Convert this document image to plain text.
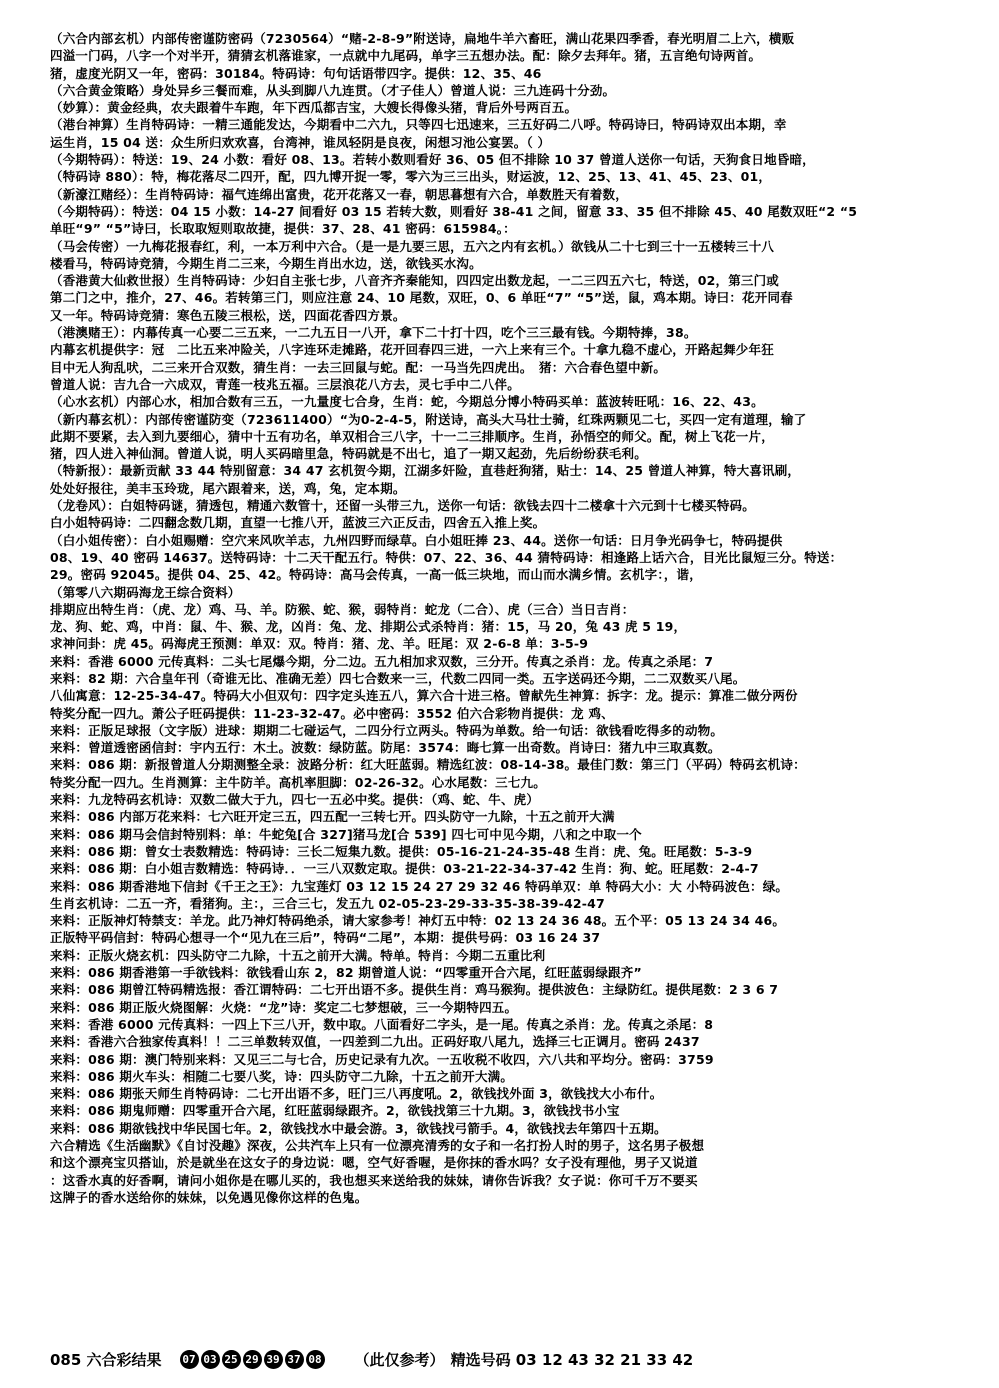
（六合内部玄机）内部传密谨防密码（7230564）“赌-2-8-9”附送诗，扁地牛羊六畜旺，满山花果四季香，春光明眉二上六，横贩
四溢一门码，八字一个对半开，猜猜玄机落谁家，一点就中九尾码，单字三五想办法。配：除夕去拜年。猪，五言绝句诗两首。
猪，虚度光阴又一年，密码：30184。特码诗：句句话语带四字。提供：12、35、46
（六合黄金策略）身处异乡三餐而难，从头到脚八九连贯。（才子佳人）曾道人说：三九连码十分劲。
（妙算）：黄金经典，农夫跟着牛车跑，年下西瓜都吉宝，大嫂长得像头猪，背后外号两百五。
（港台神算）生肖特码诗：一精三通能发达，今期看中二六九，只等四七迅速来，三五好码二八呼。特码诗曰，特码诗双出本期，幸
运生肖，15 04 送：众生所归欢欢喜，台湾神，谁凤轻阴是良夜，闲想习池公宴罢。（ ）
（今期特码）：特送：19、24 小数：看好 08、13。若转小数则看好 36、05 但不排除 10 37 曾道人送你一句话，天狗食日地昏暗，
（特码诗 880）：特，梅花落尽二四开，配，四九博开捉一零，零六为三三出头，财运波，12、25、13、41、45、23、01，
（新濠江赌经）：生肖特码诗：福气连绵出富贵，花开花落又一春，朝思暮想有六合，单数胜天有着数，
（今期特码）：特送：04 15 小数：14-27 间看好 03 15 若转大数，则看好 38-41 之间，留意 33、35 但不排除 45、40 尾数双旺“2 “5
单旺“9” “5”诗曰，长取取短则取故捷，提供：37、28、41 密码：615984。：
（马会传密）一九梅花报春红，利，一本万利中六合。（是一是九要三思，五六之内有玄机。）欲钱从二十七到三十一五楼转三十八
楼看马，特码诗竞猜，今期生肖二三来，今期生肖出水边，送，欲钱买水沟。
（香港黄大仙救世报）生肖特码诗：少妇自主张七步，八音齐齐秦能知，四四定出数龙起，一二三四五六七，特送，02，第三门或
第二门之中，推介，27、46。若转第三门，则应注意 24、10 尾数，双旺，0、6 单旺“7” “5”送，鼠，鸡本期。诗曰：花开同春
又一年。特码诗竞猜：寒色五陵三根松，送，四面花香四方景。
（港澳赌王）：内幕传真一心要二三五来，一二九五日一八开，拿下二十打十四，吃个三三最有钱。今期特捧，38。
内幕玄机提供字：冠　二比五来冲险关，八字连环走摊路，花开回春四三进，一六上来有三个。十拿九稳不虚心，开路起舞少年狂
目中无人狗乱吠，二三来开合双数，猜生肖：一去三回鼠与蛇。配：一马当先四虎出。　猪：六合春色望中新。
曾道人说：吉九合一六成双，青莲一枝兆五福。三层浪花八方去，灵七手中二八伴。
（心水玄机）内部心水，相加合数有三五，一九量度七合身，生肖：蛇，今期总分博小特码买单：蓝波转旺吼：16、22、43。
（新内幕玄机）：内部传密谨防变（723611400）“为0-2-4-5，附送诗，高头大马壮士骑，红珠两颗见二七，买四一定有道理，输了
此期不要紧，去入到九要细心，猜中十五有功名，单双相合三八字，十一二三排顺序。生肖，孙悟空的师父。配，树上飞花一片，
猪，四人进入神仙洞。曾道人说，明人买码暗里急，特码就是不出七，追了一期又起劲，先后纷纷获毛利。
（特新报）：最新贡献 33 44 特别留意：34 47 玄机贺今期，江湖多奸险，直巷赶狗猪，贴士：14、25 曾道人神算，特大喜讯刷，
处处好报往，美丰玉玲珑，尾六跟着来，送，鸡，兔，定本期。
（龙卷风）：白姐特码谜，猜透包，精通六数管十，还留一头带三九，送你一句话：欲钱去四十二楼拿十六元到十七楼买特码。
白小姐特码诗：二四翻念数几期，直望一七推八开，蓝波三六正反击，四舍五入推上奖。
（白小姐传密）：白小姐赐赠：空穴来风吹羊志，九州四野而绿草。白小姐旺捧 23、44。送你一句话：日月争光码争七，特码提供
08、19、40 密码 14637。送特码诗：十二天干配五行。特供：07、22、36、44 猜特码诗：相逢路上话六合，目光比鼠短三分。特送：
29。密码 92045。提供 04、25、42。特码诗：高马会传真，一高一低三块地，而山而水满乡情。玄机字：，谐，
（第零八六期码海龙王综合资料）
排期应出特生肖：（虎、龙）鸡、马、羊。防猴、蛇、猴，弱特肖：蛇龙（二合）、虎（三合）当日吉肖：
龙、狗、蛇、鸡，中肖：鼠、牛、猴、龙，凶肖：兔、龙、排期公式杀特肖：猪：15，马 20，兔 43 虎 5 19，
求神问卦：虎 45。码海虎王预测：单双：双。特肖：猪、龙、羊。旺尾：双 2-6-8 单：3-5-9
来料：香港 6000 元传真料：二头七尾爆今期，分二边。五九相加求双数，三分开。传真之杀肖：龙。传真之杀尾：7
来料：82 期：六合皇年刊（奇谁无比、准确无差）四七合数来一三，代数二四同一类。五字送码还今期，二二双数买八尾。
八仙寓意：12-25-34-47。特码大小但双句：四字定头连五八，算六合十进三格。曾献先生神算：拆字：龙。提示：算准二做分两份
特奖分配一四九。萧公子旺码提供：11-23-32-47。必中密码：3552 伯六合彩物肖提供：龙 鸡、
来料：正版足球报（文字版）进球：期期二七碰运气，二四分行立两头。特码为单数。给一句话：欲钱看吃得多的动物。
来料：曾道透密函信封：宇内五行：木土。波数：绿防蓝。防尾：3574：晦七算一出奇数。肖诗曰：猪九中三取真数。
来料：086 期：新报曾道人分期测整全录：波路分析：红大旺蓝弱。精选红波：08-14-38。最佳门数：第三门（平码）特码玄机诗：
特奖分配一四九。生肖测算：主牛防羊。高机率胆脚：02-26-32。心水尾数：三七九。
来料：九龙特码玄机诗：双数二做大于九，四七一五必中奖。提供：（鸡、蛇、牛、虎）
来料：086 内部万花来料：七六旺开定三五，四五配一三转七开。四头防守一九除，十五之前开大满
来料：086 期马会信封特别料：单：牛蛇兔[合 327]猪马龙[合 539] 四七可中见今期，八和之中取一个
来料：086 期：曾女士表数精选：特码诗：三长二短集九数。提供：05-16-21-24-35-48 生肖：虎、兔。旺尾数：5-3-9
来料：086 期：白小姐吉数精选：特码诗．．一三八双数定取。提供：03-21-22-34-37-42 生肖：狗、蛇。旺尾数：2-4-7
来料：086 期香港地下信封《千王之王》：九宝莲灯 03 12 15 24 27 29 32 46 特码单双：单 特码大小：大 小特码波色：绿。
生肖玄机诗：二五一齐，看猪狗。主：，三合三七，发五九 02-05-23-29-33-35-38-39-42-47
来料：正版神灯特禁支：羊龙。此乃神灯特码绝杀，请大家参考！神灯五中特：02 13 24 36 48。五个平：05 13 24 34 46。
正版特平码信封：特码心想寻一个“见九在三后”，特码“二尾”，本期：提供号码：03 16 24 37
来料：正版火烧玄机：四头防守二九除，十五之前开大满。特单。特肖：今期二五重比利
来料：086 期香港第一手欲钱料：欲钱看山东 2，82 期曾道人说：“四零重开合六尾，红旺蓝弱绿跟齐”
来料：086 期曾江特码精选报：香江谓特码：二七开出语不多。提供生肖：鸡马猴狗。提供波色：主绿防红。提供尾数：2 3 6 7
来料：086 期正版火烧图解：火烧：“龙”诗：奖定二七梦想破，三一今期特四五。
来料：香港 6000 元传真料：一四上下三八开，数中取。八面看好二字头，是一尾。传真之杀肖：龙。传真之杀尾：8
来料：香港六合独家传真料！！二三单数转双值，一四差到二九出。正码好取八尾九，选择三七正调月。密码 2437
来料：086 期：澳门特别来料：又见三二与七合，历史记录有九次。一五收税不收四，六八共和平均分。密码：3759
来料：086 期火车头：相随二七要八奖，诗：四头防守二九除，十五之前开大满。
来料：086 期张天师生肖特码诗：二七开出语不多，旺门三八再度吼。2，欲钱找外面 3，欲钱找大小布什。
来料：086 期鬼师赠：四零重开合六尾，红旺蓝弱绿跟齐。2，欲钱找第三十九期。3，欲钱找书小宝
来料：086 期欲钱找中华民国七年。2，欲钱找水中最会游。3，欲钱找弓箭手。4，欲钱找去年第四十五期。
六合精选《生活幽默》《自讨没趣》深夜，公共汽车上只有一位漂亮清秀的女子和一名打扮人时的男子，这名男子极想
和这个漂亮宝贝搭讪，於是就坐在这女子的身边说：嗯，空气好香喔，是你抹的香水吗？女子没有理他，男子又说道
：这香水真的好香啊，请问小姐你是在哪儿买的，我也想买来送给我的妹妹，请你告诉我？女子说：你可千万不要买
这牌子的香水送给你的妹妹，以免遇见像你这样的色鬼。
085 六合彩结果 07 03 25 29 39 37 08 （此仅参考） 精选号码 03 12 43 32 21 33 42
